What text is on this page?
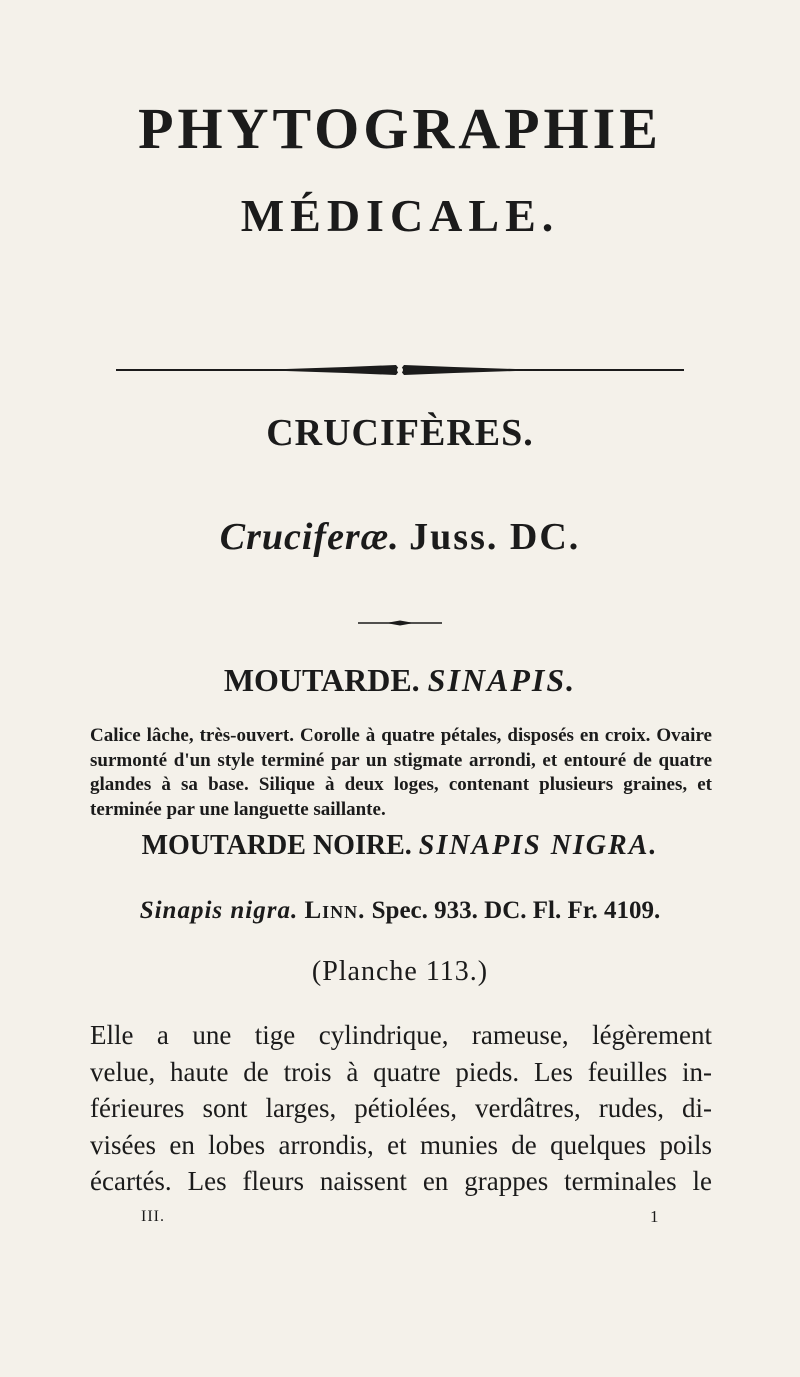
PHYTOGRAPHIE
MÉDICALE.
CRUCIFÈRES.
Cruciferæ. Juss. DC.
MOUTARDE. SINAPIS.
Calice lâche, très-ouvert. Corolle à quatre pétales, disposés en croix. Ovaire surmonté d'un style terminé par un stigmate arrondi, et entouré de quatre glandes à sa base. Silique à deux loges, contenant plusieurs graines, et terminée par une languette saillante.
MOUTARDE NOIRE. SINAPIS NIGRA.
Sinapis nigra. Linn. Spec. 933. DC. Fl. Fr. 4109.
(Planche 113.)
Elle a une tige cylindrique, rameuse, légèrement
velue, haute de trois à quatre pieds. Les feuilles in-
férieures sont larges, pétiolées, verdâtres, rudes, di-
visées en lobes arrondis, et munies de quelques poils
écartés. Les fleurs naissent en grappes terminales le
III.	1
